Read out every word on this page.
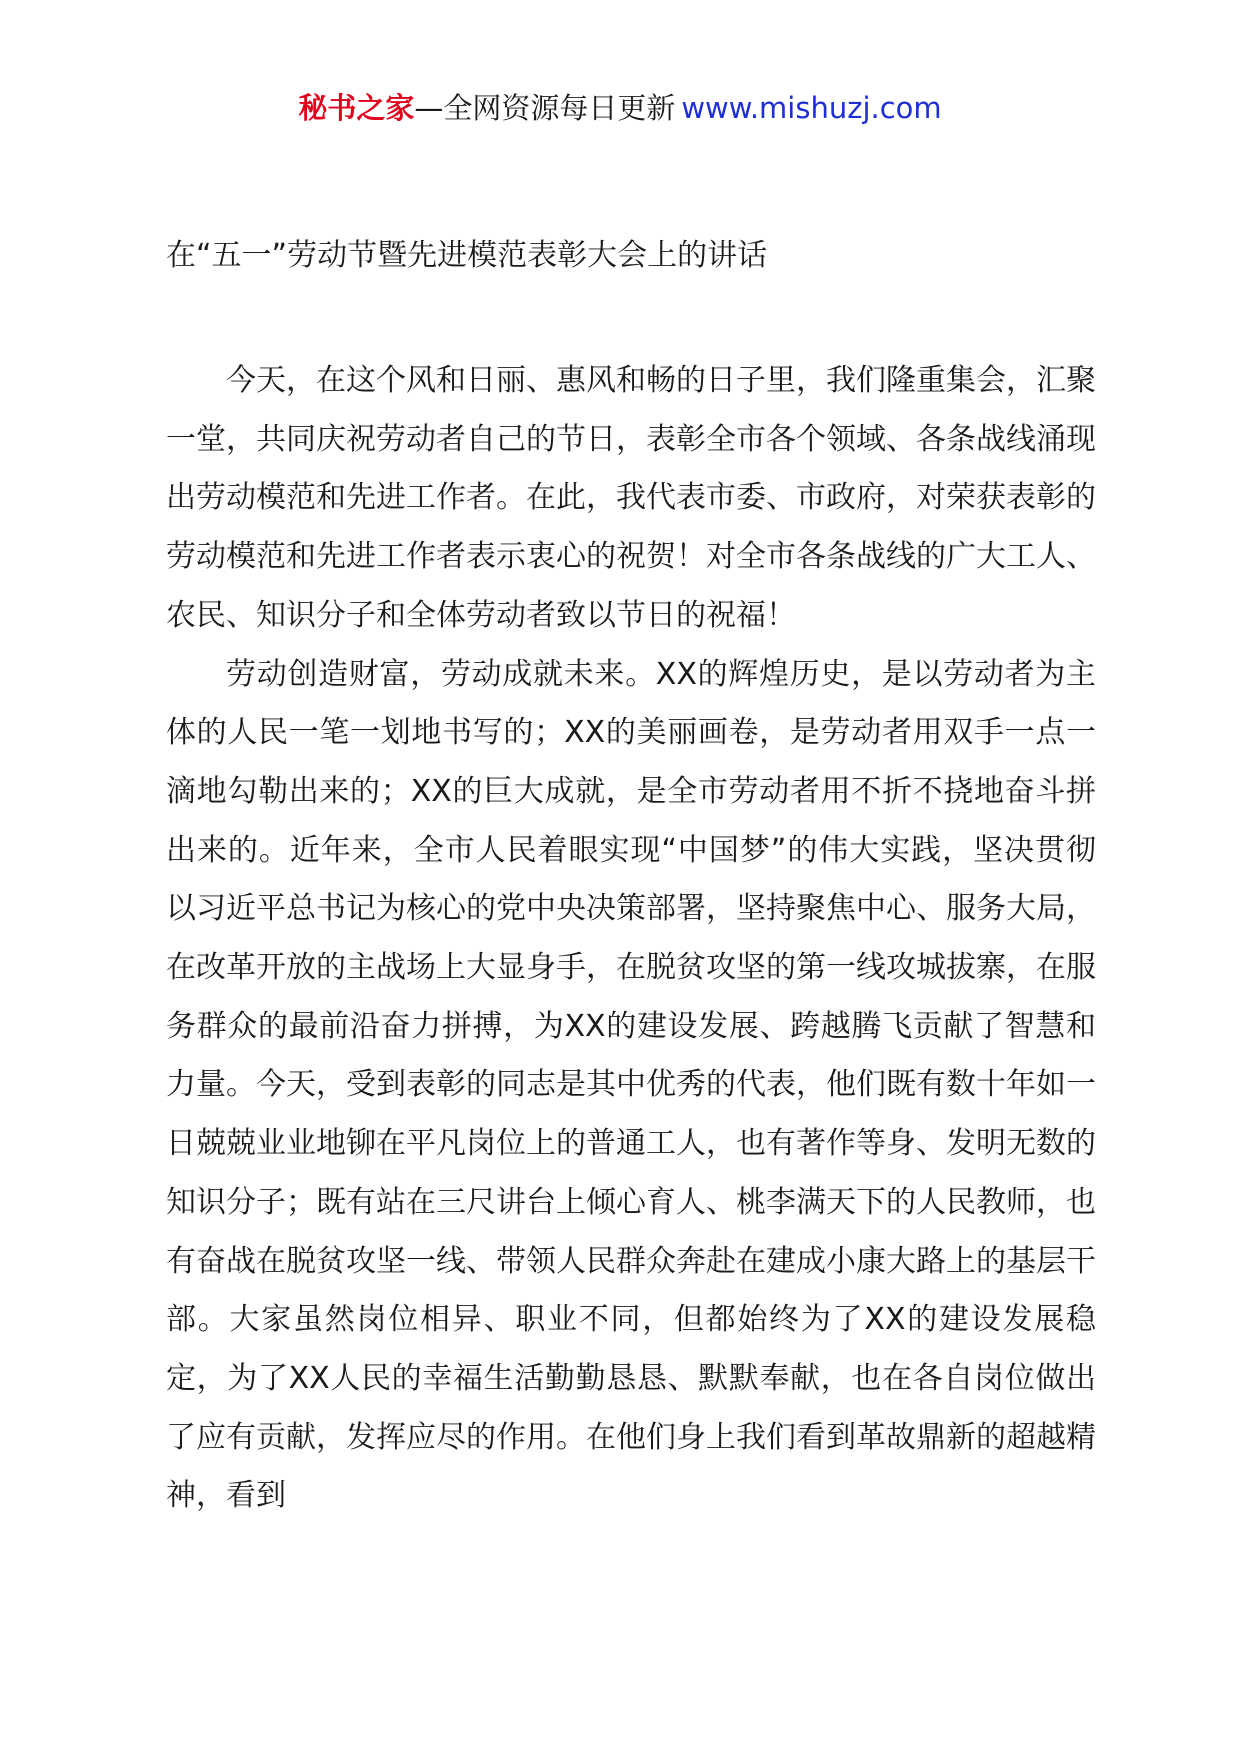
秘书之家—全网资源每日更新 www.mishuzj.com
在“五一”劳动节暨先进模范表彰大会上的讲话

今天，在这个风和日丽、惠风和畅的日子里，我们隆重集会，汇聚一堂，共同庆祝劳动者自己的节日，表彰全市各个领域、各条战线涌现出劳动模范和先进工作者。在此，我代表市委、市政府，对荣获表彰的劳动模范和先进工作者表示衷心的祝贺！对全市各条战线的广大工人、农民、知识分子和全体劳动者致以节日的祝福！

劳动创造财富，劳动成就未来。XX的辉煌历史，是以劳动者为主体的人民一笔一划地书写的；XX的美丽画卷，是劳动者用双手一点一滴地勾勒出来的；XX的巨大成就，是全市劳动者用不折不挠地奋斗拼出来的。近年来，全市人民着眼实现“中国梦”的伟大实践，坚决贯彻以习近平总书记为核心的党中央决策部署，坚持聚焦中心、服务大局，在改革开放的主战场上大显身手，在脱贫攻坚的第一线攻城拔寨，在服务群众的最前沿奋力拼搏，为XX的建设发展、跨越腾飞贡献了智慧和力量。今天，受到表彰的同志是其中优秀的代表，他们既有数十年如一日兢兢业业地铆在平凡岗位上的普通工人，也有著作等身、发明无数的知识分子；既有站在三尺讲台上倾心育人、桃李满天下的人民教师，也有奋战在脱贫攻坚一线、带领人民群众奔赴在建成小康大路上的基层干部。大家虽然岗位相异、职业不同，但都始终为了XX的建设发展稳定，为了XX人民的幸福生活勤勤恳恳、默默奉献，也在各自岗位做出了应有贡献，发挥应尽的作用。在他们身上我们看到革故鼎新的超越精神，看到
